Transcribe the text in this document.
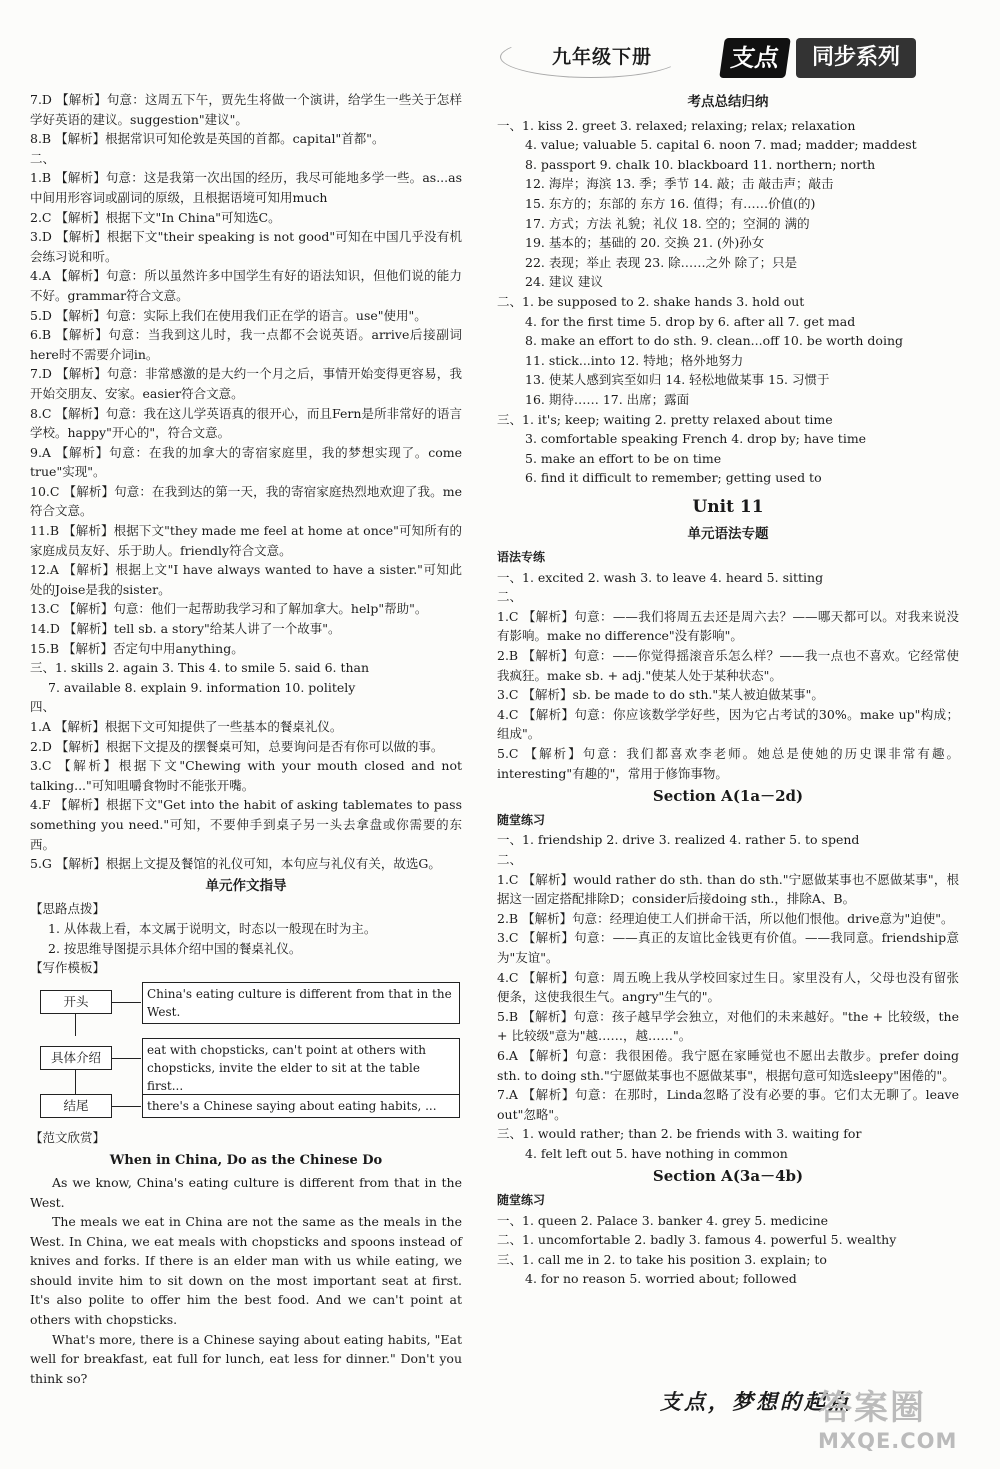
九年级下册	支点	同步系列

7.D 【解析】句意：这周五下午，贾先生将做一个演讲，给学生一些关于怎样学好英语的建议。suggestion"建议"。

8.B 【解析】根据常识可知伦敦是英国的首都。capital"首都"。

二、

1.B 【解析】句意：这是我第一次出国的经历，我尽可能地多学一些。as...as中间用形容词或副词的原级，且根据语境可知用much

2.C 【解析】根据下文"In China"可知选C。

3.D 【解析】根据下文"their speaking is not good"可知在中国几乎没有机会练习说和听。

4.A 【解析】句意：所以虽然许多中国学生有好的语法知识，但他们说的能力不好。grammar符合文意。

5.D 【解析】句意：实际上我们在使用我们正在学的语言。use"使用"。

6.B 【解析】句意：当我到这儿时，我一点都不会说英语。arrive后接副词here时不需要介词in。

7.D 【解析】句意：非常感激的是大约一个月之后，事情开始变得更容易，我开始交朋友、安家。easier符合文意。

8.C 【解析】句意：我在这儿学英语真的很开心，而且Fern是所非常好的语言学校。happy"开心的"，符合文意。

9.A 【解析】句意：在我的加拿大的寄宿家庭里，我的梦想实现了。come true"实现"。

10.C 【解析】句意：在我到达的第一天，我的寄宿家庭热烈地欢迎了我。me符合文意。

11.B 【解析】根据下文"they made me feel at home at once"可知所有的家庭成员友好、乐于助人。friendly符合文意。

12.A 【解析】根据上文"I have always wanted to have a sister."可知此处的Joise是我的sister。

13.C 【解析】句意：他们一起帮助我学习和了解加拿大。help"帮助"。

14.D 【解析】tell sb. a story"给某人讲了一个故事"。

15.B 【解析】否定句中用anything。

三、1. skills 2. again 3. This 4. to smile 5. said 6. than

7. available 8. explain 9. information 10. politely

四、

1.A 【解析】根据下文可知提供了一些基本的餐桌礼仪。

2.D 【解析】根据下文提及的摆餐桌可知，总要询问是否有你可以做的事。

3.C 【解析】根据下文"Chewing with your mouth closed and not talking..."可知咀嚼食物时不能张开嘴。

4.F 【解析】根据下文"Get into the habit of asking tablemates to pass something you need."可知，不要伸手到桌子另一头去拿盘或你需要的东西。

5.G 【解析】根据上文提及餐馆的礼仪可知，本句应与礼仪有关，故选G。

单元作文指导

【思路点拨】

1. 从体裁上看，本文属于说明文，时态以一般现在时为主。

2. 按思维导图提示具体介绍中国的餐桌礼仪。

【写作模板】

开头	China's eating culture is different from that in the West.
具体介绍	eat with chopsticks, can't point at others with chopsticks, invite the elder to sit at the table first...
结尾	there's a Chinese saying about eating habits, ...

【范文欣赏】

When in China, Do as the Chinese Do

As we know, China's eating culture is different from that in the West.

The meals we eat in China are not the same as the meals in the West. In China, we eat meals with chopsticks and spoons instead of knives and forks. If there is an elder man with us while eating, we should invite him to sit down on the most important seat at first. It's also polite to offer him the best food. And we can't point at others with chopsticks.

What's more, there is a Chinese saying about eating habits, "Eat well for breakfast, eat full for lunch, eat less for dinner." Don't you think so?

考点总结归纳

一、1. kiss 2. greet 3. relaxed; relaxing; relax; relaxation

4. value; valuable 5. capital 6. noon 7. mad; madder; maddest

8. passport 9. chalk 10. blackboard 11. northern; north

12. 海岸；海滨 13. 季；季节 14. 敲；击 敲击声；敲击

15. 东方的；东部的 东方 16. 值得；有……价值(的)

17. 方式；方法 礼貌；礼仪 18. 空的；空洞的 满的

19. 基本的；基础的 20. 交换 21. (外)孙女

22. 表现；举止 表现 23. 除……之外 除了；只是

24. 建议 建议

二、1. be supposed to 2. shake hands 3. hold out

4. for the first time 5. drop by 6. after all 7. get mad

8. make an effort to do sth. 9. clean...off 10. be worth doing

11. stick...into 12. 特地；格外地努力

13. 使某人感到宾至如归 14. 轻松地做某事 15. 习惯于

16. 期待…… 17. 出席；露面

三、1. it's; keep; waiting 2. pretty relaxed about time

3. comfortable speaking French 4. drop by; have time

5. make an effort to be on time

6. find it difficult to remember; getting used to

Unit 11

单元语法专题

语法专练

一、1. excited 2. wash 3. to leave 4. heard 5. sitting

二、

1.C 【解析】句意：——我们将周五去还是周六去？——哪天都可以。对我来说没有影响。make no difference"没有影响"。

2.B 【解析】句意：——你觉得摇滚音乐怎么样？——我一点也不喜欢。它经常使我疯狂。make sb. + adj."使某人处于某种状态"。

3.C 【解析】sb. be made to do sth."某人被迫做某事"。

4.C 【解析】句意：你应该数学学好些，因为它占考试的30%。make up"构成；组成"。

5.C 【解析】句意：我们都喜欢李老师。她总是使她的历史课非常有趣。interesting"有趣的"，常用于修饰事物。

Section A(1a－2d)

随堂练习

一、1. friendship 2. drive 3. realized 4. rather 5. to spend

二、

1.C 【解析】would rather do sth. than do sth."宁愿做某事也不愿做某事"，根据这一固定搭配排除D；consider后接doing sth.，排除A、B。

2.B 【解析】句意：经理迫使工人们拼命干活，所以他们恨他。drive意为"迫使"。

3.C 【解析】句意：——真正的友谊比金钱更有价值。——我同意。friendship意为"友谊"。

4.C 【解析】句意：周五晚上我从学校回家过生日。家里没有人，父母也没有留张便条，这使我很生气。angry"生气的"。

5.B 【解析】句意：孩子越早学会独立，对他们的未来越好。"the + 比较级，the + 比较级"意为"越……，越……"。

6.A 【解析】句意：我很困倦。我宁愿在家睡觉也不愿出去散步。prefer doing sth. to doing sth."宁愿做某事也不愿做某事"，根据句意可知选sleepy"困倦的"。

7.A 【解析】句意：在那时，Linda忽略了没有必要的事。它们太无聊了。leave out"忽略"。

三、1. would rather; than 2. be friends with 3. waiting for

4. felt left out 5. have nothing in common

Section A(3a－4b)

随堂练习

一、1. queen 2. Palace 3. banker 4. grey 5. medicine

二、1. uncomfortable 2. badly 3. famous 4. powerful 5. wealthy

三、1. call me in 2. to take his position 3. explain; to

4. for no reason 5. worried about; followed

支点，梦想的起点
答案圈
MXQE.COM
